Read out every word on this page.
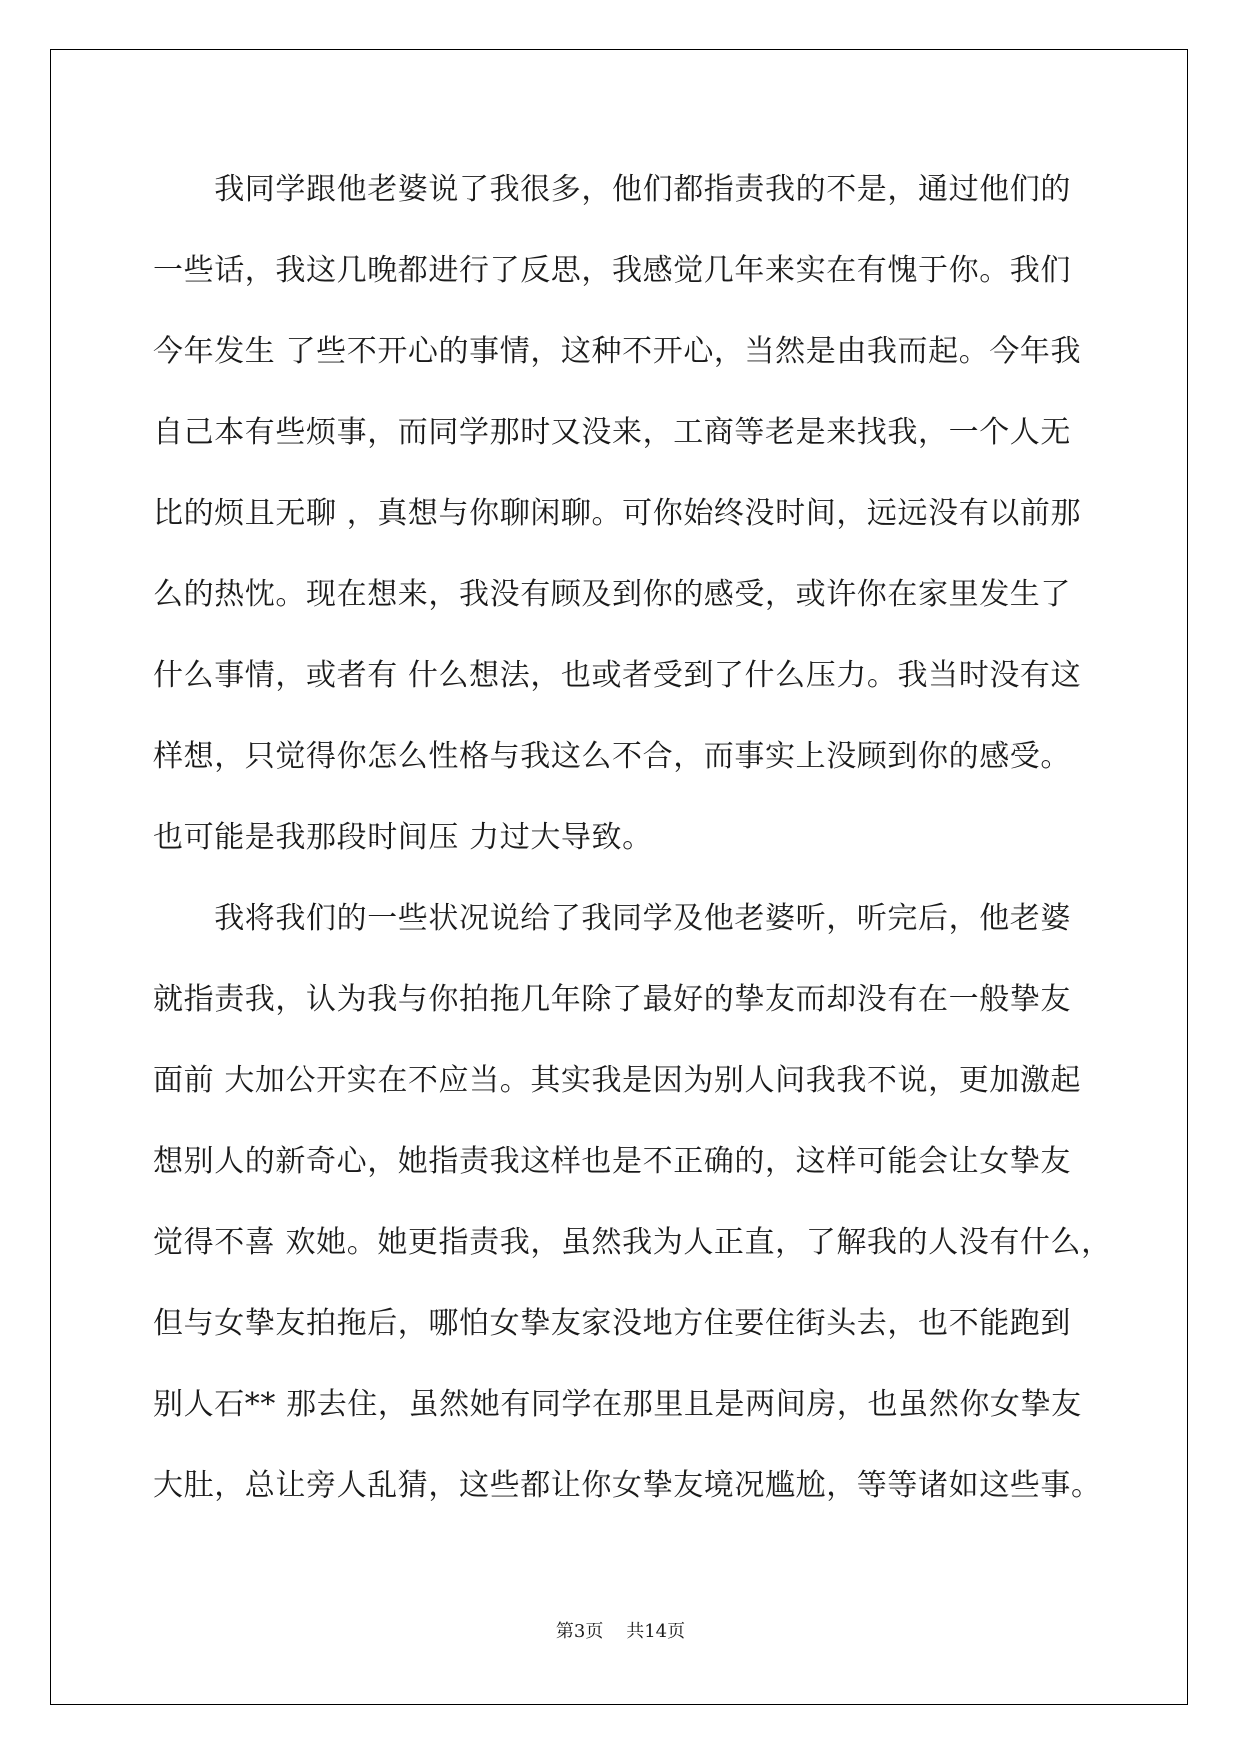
　　我同学跟他老婆说了我很多，他们都指责我的不是，通过他们的
一些话，我这几晚都进行了反思，我感觉几年来实在有愧于你。我们
今年发生 了些不开心的事情，这种不开心，当然是由我而起。今年我
自己本有些烦事，而同学那时又没来，工商等老是来找我，一个人无
比的烦且无聊 ，真想与你聊闲聊。可你始终没时间，远远没有以前那
么的热忱。现在想来，我没有顾及到你的感受，或许你在家里发生了
什么事情，或者有 什么想法，也或者受到了什么压力。我当时没有这
样想，只觉得你怎么性格与我这么不合，而事实上没顾到你的感受。
也可能是我那段时间压 力过大导致。
　　我将我们的一些状况说给了我同学及他老婆听，听完后，他老婆
就指责我，认为我与你拍拖几年除了最好的挚友而却没有在一般挚友
面前 大加公开实在不应当。其实我是因为别人问我我不说，更加激起
想别人的新奇心，她指责我这样也是不正确的，这样可能会让女挚友
觉得不喜 欢她。她更指责我，虽然我为人正直，了解我的人没有什么，
但与女挚友拍拖后，哪怕女挚友家没地方住要住街头去，也不能跑到
别人石** 那去住，虽然她有同学在那里且是两间房，也虽然你女挚友
大肚，总让旁人乱猜，这些都让你女挚友境况尴尬，等等诸如这些事。
第3页    共14页
